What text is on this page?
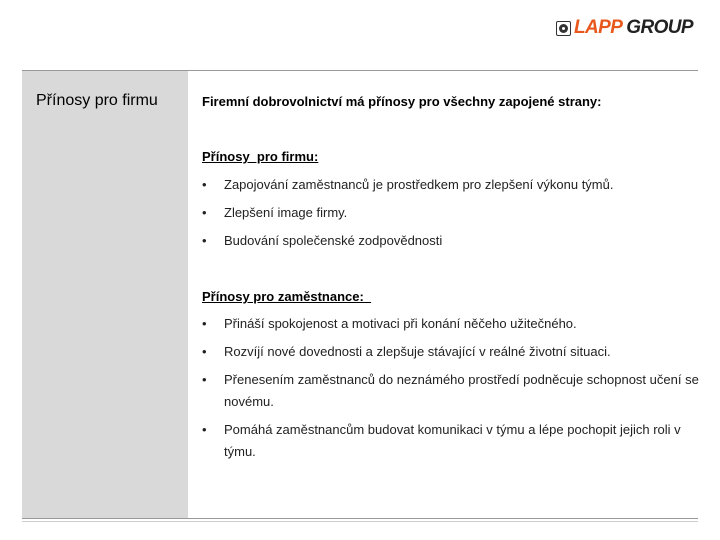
LAPP GROUP
Přínosy pro firmu	Firemní dobrovolnictví má přínosy pro všechny zapojené strany:
Přínosy  pro firmu:
• Zapojování zaměstnanců je prostředkem pro zlepšení výkonu týmů.
• Zlepšení image firmy.
• Budování společenské zodpovědnosti
Přínosy pro zaměstnance:
• Přináší spokojenost a motivaci při konání něčeho užitečného.
• Rozvíjí nové dovednosti a zlepšuje stávající v reálné životní situaci.
• Přenesením zaměstnanců do neznámého prostředí podněcuje schopnost učení se novému.
• Pomáhá zaměstnancům budovat komunikaci v týmu a lépe pochopit jejich roli v týmu.
